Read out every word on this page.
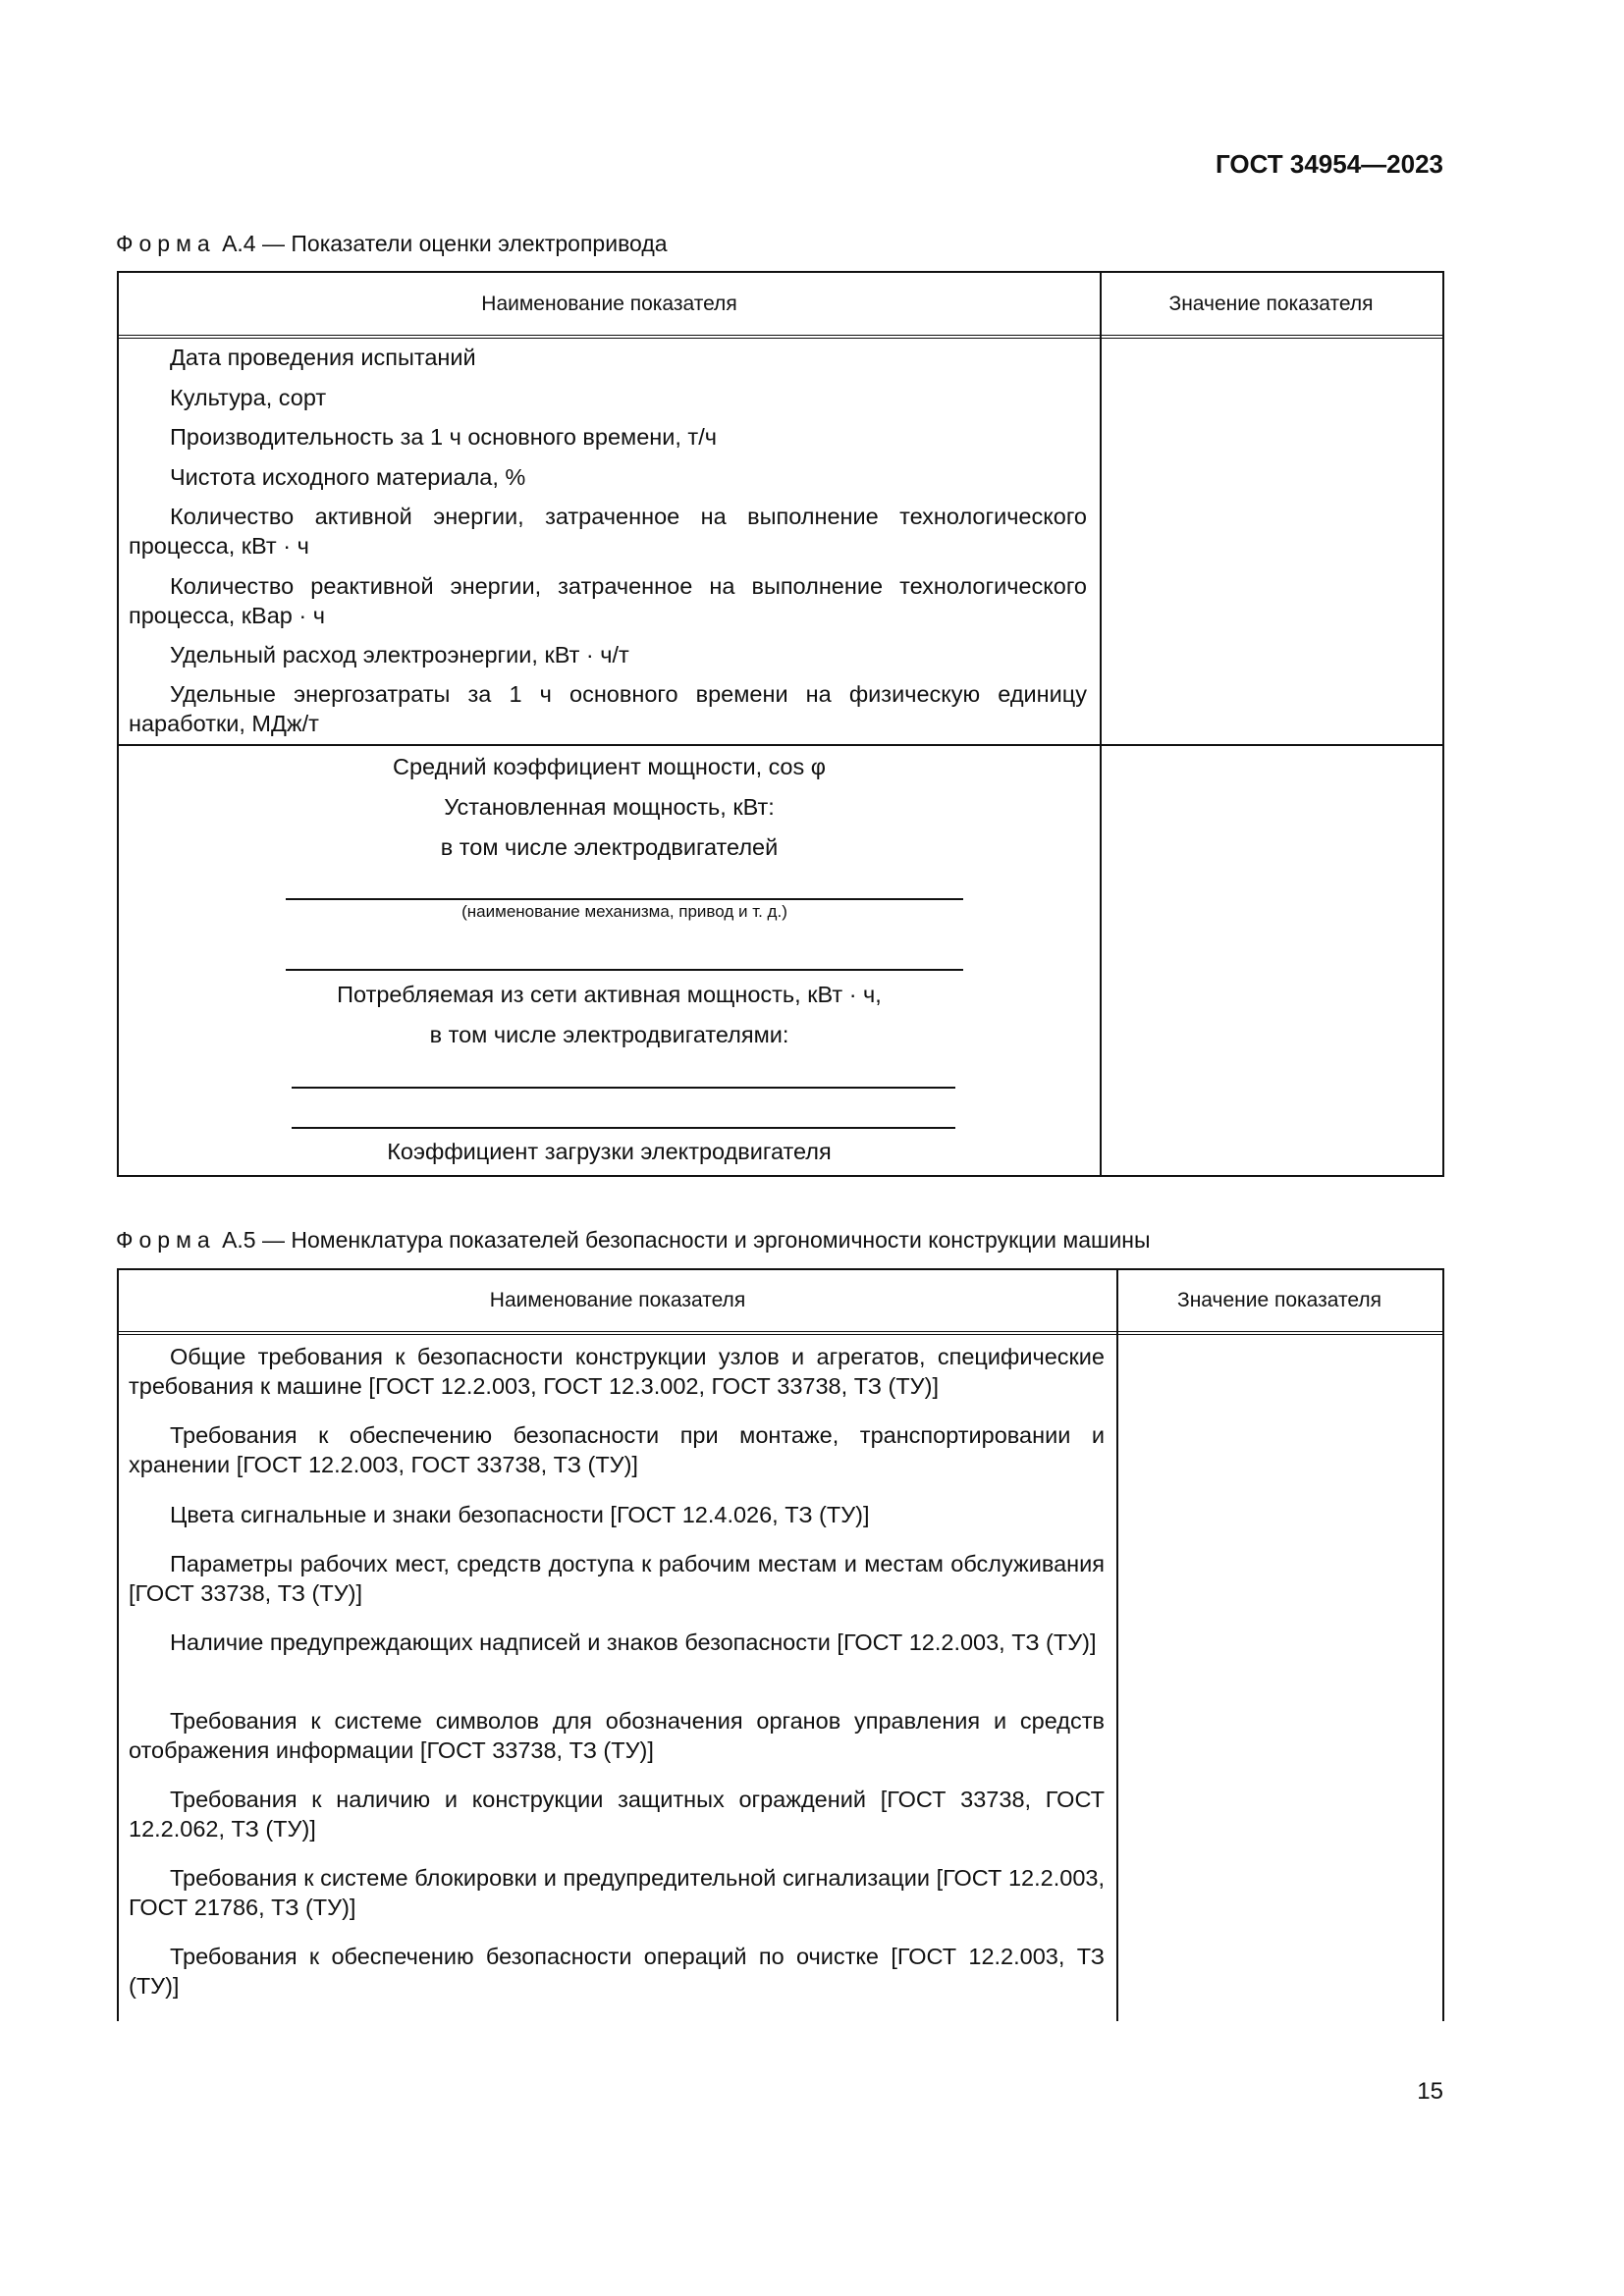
ГОСТ 34954—2023
Форма А.4 — Показатели оценки электропривода
Наименование показателя	Значение показателя

Дата проведения испытаний

Культура, сорт

Производительность за 1 ч основного времени, т/ч

Чистота исходного материала, %

Количество активной энергии, затраченное на выполнение технологического процесса, кВт · ч

Количество реактивной энергии, затраченное на выполнение технологического процесса, кВар · ч

Удельный расход электроэнергии, кВт · ч/т

Удельные энергозатраты за 1 ч основного времени на физическую единицу наработки, МДж/т

Средний коэффициент мощности, cos φ
Установленная мощность, кВт:
в том числе электродвигателей
(наименование механизма, привод и т. д.)
Потребляемая из сети активная мощность, кВт · ч,
в том числе электродвигателями:
Коэффициент загрузки электродвигателя
Форма А.5 — Номенклатура показателей безопасности и эргономичности конструкции машины
Наименование показателя	Значение показателя

Общие требования к безопасности конструкции узлов и агрегатов, специфические требования к машине [ГОСТ 12.2.003, ГОСТ 12.3.002, ГОСТ 33738, ТЗ (ТУ)]

Требования к обеспечению безопасности при монтаже, транспортировании и хранении [ГОСТ 12.2.003, ГОСТ 33738, ТЗ (ТУ)]

Цвета сигнальные и знаки безопасности [ГОСТ 12.4.026, ТЗ (ТУ)]

Параметры рабочих мест, средств доступа к рабочим местам и местам обслуживания [ГОСТ 33738, ТЗ (ТУ)]

Наличие предупреждающих надписей и знаков безопасности [ГОСТ 12.2.003, ТЗ (ТУ)]

Требования к системе символов для обозначения органов управления и средств отображения информации [ГОСТ 33738, ТЗ (ТУ)]

Требования к наличию и конструкции защитных ограждений [ГОСТ 33738, ГОСТ 12.2.062, ТЗ (ТУ)]

Требования к системе блокировки и предупредительной сигнализации [ГОСТ 12.2.003, ГОСТ 21786, ТЗ (ТУ)]

Требования к обеспечению безопасности операций по очистке [ГОСТ 12.2.003, ТЗ (ТУ)]

15
